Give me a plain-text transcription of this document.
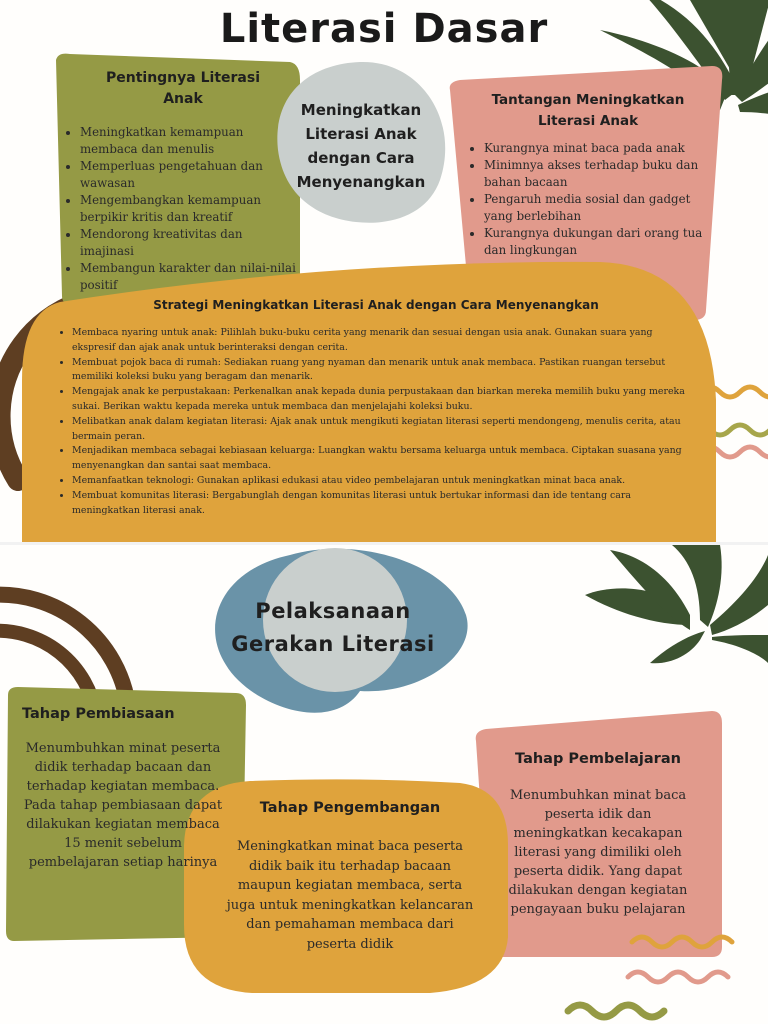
Literasi Dasar
Meningkatkan Literasi Anak dengan Cara Menyenangkan
Pentingnya Literasi Anak
• Meningkatkan kemampuan membaca dan menulis
• Memperluas pengetahuan dan wawasan
• Mengembangkan kemampuan berpikir kritis dan kreatif
• Mendorong kreativitas dan imajinasi
• Membangun karakter dan nilai-nilai positif
Tantangan Meningkatkan Literasi Anak
• Kurangnya minat baca pada anak
• Minimnya akses terhadap buku dan bahan bacaan
• Pengaruh media sosial dan gadget yang berlebihan
• Kurangnya dukungan dari orang tua dan lingkungan
Strategi Meningkatkan Literasi Anak dengan Cara Menyenangkan
• Membaca nyaring untuk anak: Pilihlah buku-buku cerita yang menarik dan sesuai dengan usia anak. Gunakan suara yang ekspresif dan ajak anak untuk berinteraksi dengan cerita.
• Membuat pojok baca di rumah: Sediakan ruang yang nyaman dan menarik untuk anak membaca. Pastikan ruangan tersebut memiliki koleksi buku yang beragam dan menarik.
• Mengajak anak ke perpustakaan: Perkenalkan anak kepada dunia perpustakaan dan biarkan mereka memilih buku yang mereka sukai. Berikan waktu kepada mereka untuk membaca dan menjelajahi koleksi buku.
• Melibatkan anak dalam kegiatan literasi: Ajak anak untuk mengikuti kegiatan literasi seperti mendongeng, menulis cerita, atau bermain peran.
• Menjadikan membaca sebagai kebiasaan keluarga: Luangkan waktu bersama keluarga untuk membaca. Ciptakan suasana yang menyenangkan dan santai saat membaca.
• Memanfaatkan teknologi: Gunakan aplikasi edukasi atau video pembelajaran untuk meningkatkan minat baca anak.
• Membuat komunitas literasi: Bergabunglah dengan komunitas literasi untuk bertukar informasi dan ide tentang cara meningkatkan literasi anak.
Pelaksanaan Gerakan Literasi
Tahap Pembiasaan
Menumbuhkan minat peserta didik terhadap bacaan dan terhadap kegiatan membaca. Pada tahap pembiasaan dapat dilakukan kegiatan membaca 15 menit sebelum pembelajaran setiap harinya
Tahap Pengembangan
Meningkatkan minat baca peserta didik baik itu terhadap bacaan maupun kegiatan membaca, serta juga untuk meningkatkan kelancaran dan pemahaman membaca dari peserta didik
Tahap Pembelajaran
Menumbuhkan minat baca peserta idik dan meningkatkan kecakapan literasi yang dimiliki oleh peserta didik. Yang dapat dilakukan dengan kegiatan pengayaan buku pelajaran
